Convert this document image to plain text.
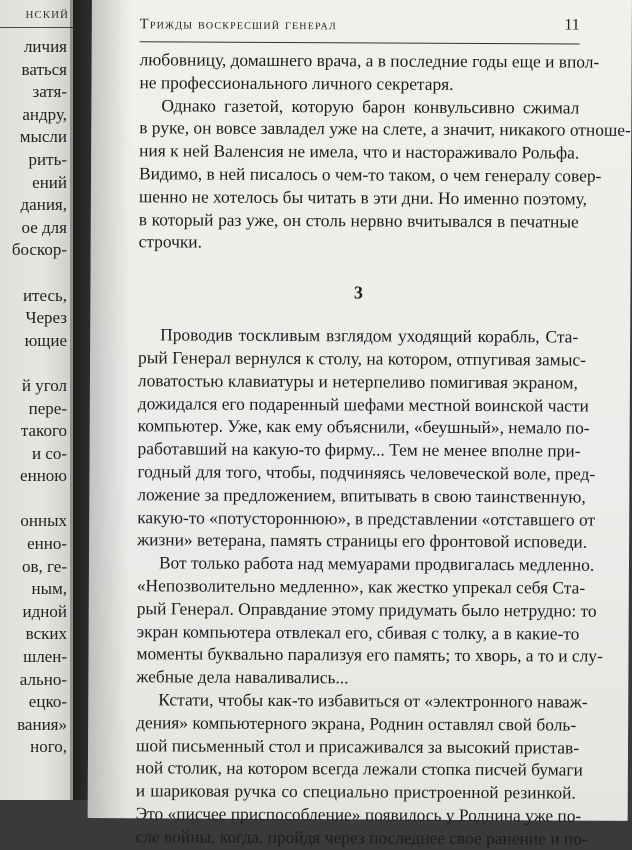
нский
личия
ваться
затя-
андру,
мысли
рить-
ений
дания,
ое для
боскор-

итесь,
Через
ющие

й угол
пере-
такого
и со-
енною

онных
енно-
ов, ге-
ным,
идной
вских
шлен-
ально-
ецко-
вания»
ного,
Трижды воскресший генерал	11
любовницу, домашнего врача, а в последние годы еще и впол-
не профессионального личного секретаря.
Однако газетой, которую барон конвульсивно сжимал
в руке, он вовсе завладел уже на слете, а значит, никакого отноше-
ния к ней Валенсия не имела, что и настораживало Рольфа.
Видимо, в ней писалось о чем-то таком, о чем генералу совер-
шенно не хотелось бы читать в эти дни. Но именно поэтому,
в который раз уже, он столь нервно вчитывался в печатные
строчки.
3
Проводив тоскливым взглядом уходящий корабль, Ста-
рый Генерал вернулся к столу, на котором, отпугивая замыс-
ловатостью клавиатуры и нетерпеливо помигивая экраном,
дожидался его подаренный шефами местной воинской части
компьютер. Уже, как ему объяснили, «беушный», немало по-
работавший на какую-то фирму... Тем не менее вполне при-
годный для того, чтобы, подчиняясь человеческой воле, пред-
ложение за предложением, впитывать в свою таинственную,
какую-то «потустороннюю», в представлении «отставшего от
жизни» ветерана, память страницы его фронтовой исповеди.
Вот только работа над мемуарами продвигалась медленно.
«Непозволительно медленно», как жестко упрекал себя Ста-
рый Генерал. Оправдание этому придумать было нетрудно: то
экран компьютера отвлекал его, сбивая с толку, а в какие-то
моменты буквально парализуя его память; то хворь, а то и слу-
жебные дела наваливались...
Кстати, чтобы как-то избавиться от «электронного наваж-
дения» компьютерного экрана, Роднин оставлял свой боль-
шой письменный стол и присаживался за высокий пристав-
ной столик, на котором всегда лежали стопка писчей бумаги
и шариковая ручка со специально пристроенной резинкой.
Это «писчее приспособление» появилось у Роднина уже по-
сле войны, когда, пройдя через последнее свое ранение и по-
